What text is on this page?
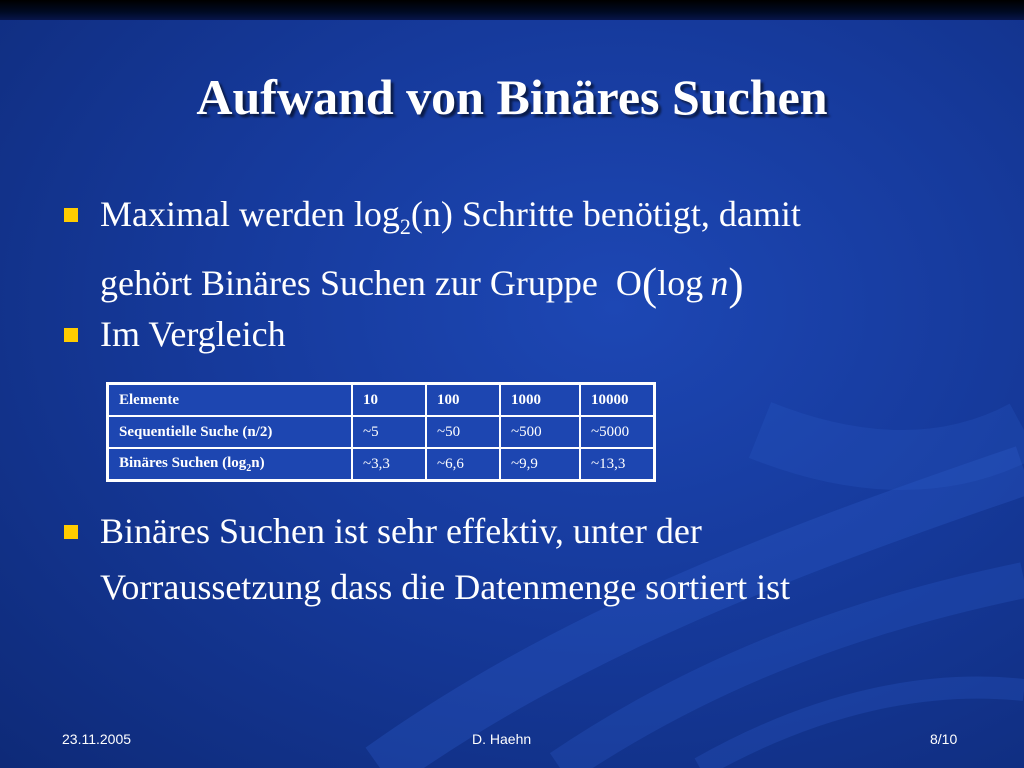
Aufwand von Binäres Suchen
Maximal werden $\log_2(n)$ Schritte benötigt, damit
gehört Binäres Suchen zur Gruppe O(log  n)
Im Vergleich
Elemente	10	100	1000	10000
Sequentielle Suche (n/2)	~5	~50	~500	~5000
Binäres Suchen $(\log_2n)$	~3,3	~6,6	~9,9	~13,3
Binäres Suchen ist sehr effektiv, unter der
Vorraussetzung dass die Datenmenge sortiert ist
23.11.2005	D. Haehn	8/10
